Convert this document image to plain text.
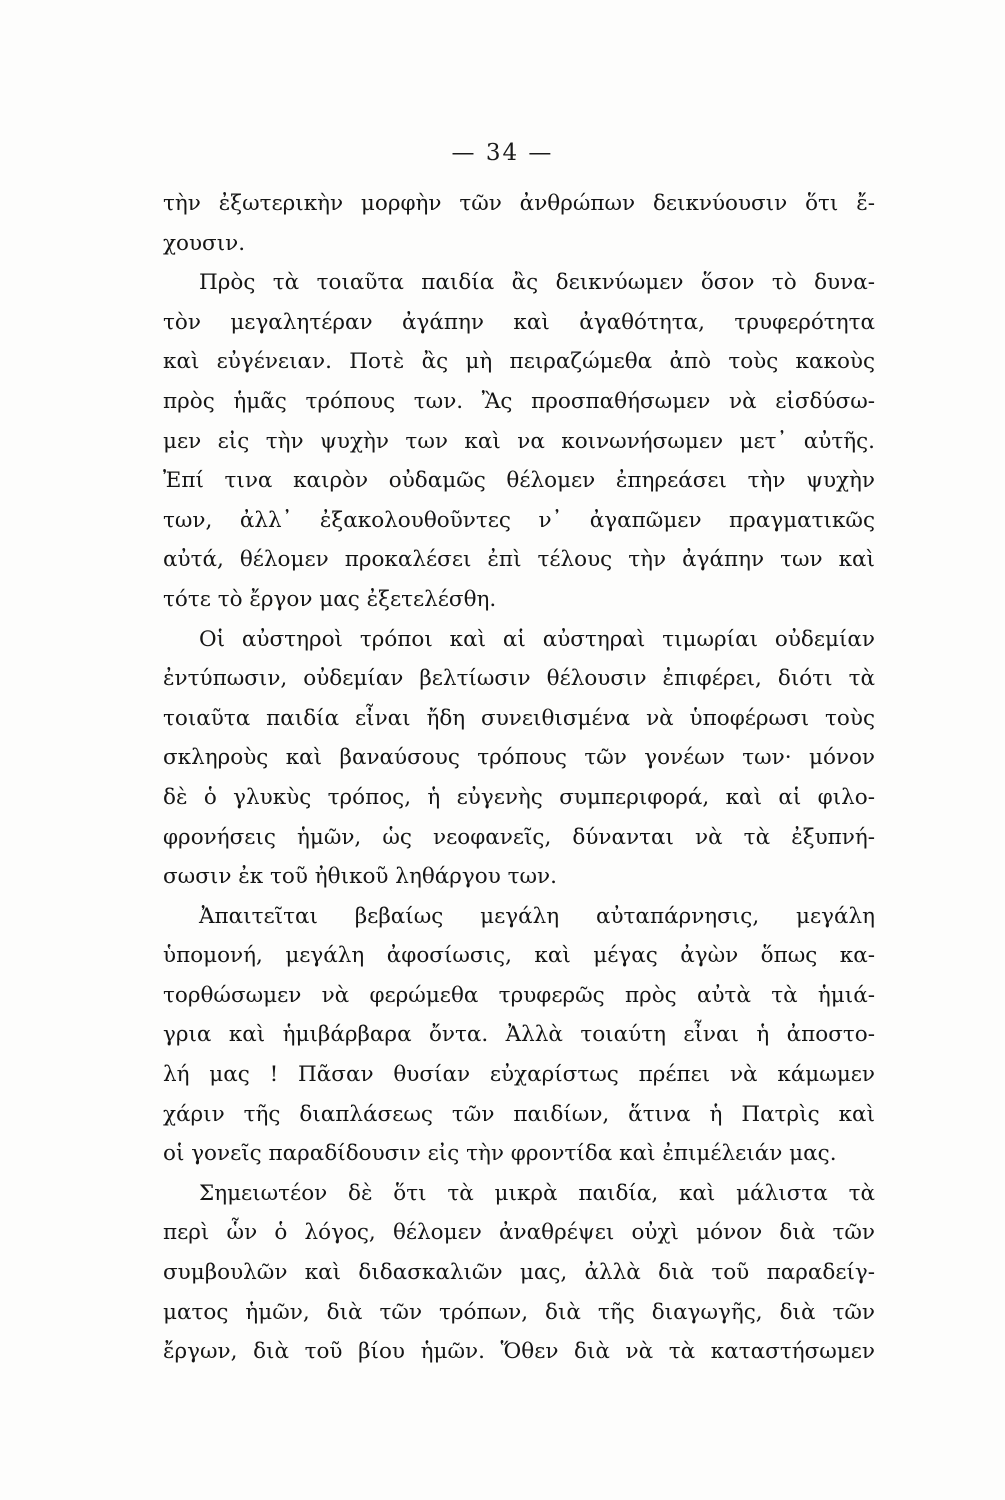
— 34 —
τὴν ἐξωτερικὴν μορφὴν τῶν ἀνθρώπων δεικνύουσιν ὅτι ἔ-
χουσιν.
Πρὸς τὰ τοιαῦτα παιδία ἂς δεικνύωμεν ὅσον τὸ δυνα-
τὸν μεγαλητέραν ἀγάπην καὶ ἀγαθότητα, τρυφερότητα
καὶ εὐγένειαν. Ποτὲ ἂς μὴ πειραζώμεθα ἀπὸ τοὺς κακοὺς
πρὸς ἡμᾶς τρόπους των. Ἂς προσπαθήσωμεν νὰ εἰσδύσω-
μεν εἰς τὴν ψυχὴν των καὶ να κοινωνήσωμεν μετ᾽ αὐτῆς.
Ἐπί τινα καιρὸν οὐδαμῶς θέλομεν ἐπηρεάσει τὴν ψυχὴν
των, ἀλλ᾽ ἐξακολουθοῦντες ν᾽ ἀγαπῶμεν πραγματικῶς
αὐτά, θέλομεν προκαλέσει ἐπὶ τέλους τὴν ἀγάπην των καὶ
τότε τὸ ἔργον μας ἐξετελέσθη.
Οἱ αὐστηροὶ τρόποι καὶ αἱ αὐστηραὶ τιμωρίαι οὐδεμίαν
ἐντύπωσιν, οὐδεμίαν βελτίωσιν θέλουσιν ἐπιφέρει, διότι τὰ
τοιαῦτα παιδία εἶναι ἤδη συνειθισμένα νὰ ὑποφέρωσι τοὺς
σκληροὺς καὶ βαναύσους τρόπους τῶν γονέων των· μόνον
δὲ ὁ γλυκὺς τρόπος, ἡ εὐγενὴς συμπεριφορά, καὶ αἱ φιλο-
φρονήσεις ἡμῶν, ὡς νεοφανεῖς, δύνανται νὰ τὰ ἐξυπνή-
σωσιν ἐκ τοῦ ἠθικοῦ ληθάργου των.
Ἀπαιτεῖται βεβαίως μεγάλη αὐταπάρνησις, μεγάλη
ὑπομονή, μεγάλη ἀφοσίωσις, καὶ μέγας ἀγὼν ὅπως κα-
τορθώσωμεν νὰ φερώμεθα τρυφερῶς πρὸς αὐτὰ τὰ ἡμιά-
γρια καὶ ἡμιβάρβαρα ὄντα. Ἀλλὰ τοιαύτη εἶναι ἡ ἀποστο-
λή μας ! Πᾶσαν θυσίαν εὐχαρίστως πρέπει νὰ κάμωμεν
χάριν τῆς διαπλάσεως τῶν παιδίων, ἅτινα ἡ Πατρὶς καὶ
οἱ γονεῖς παραδίδουσιν εἰς τὴν φροντίδα καὶ ἐπιμέλειάν μας.
Σημειωτέον δὲ ὅτι τὰ μικρὰ παιδία, καὶ μάλιστα τὰ
περὶ ὧν ὁ λόγος, θέλομεν ἀναθρέψει οὐχὶ μόνον διὰ τῶν
συμβουλῶν καὶ διδασκαλιῶν μας, ἀλλὰ διὰ τοῦ παραδείγ-
ματος ἡμῶν, διὰ τῶν τρόπων, διὰ τῆς διαγωγῆς, διὰ τῶν
ἔργων, διὰ τοῦ βίου ἡμῶν. Ὅθεν διὰ νὰ τὰ καταστήσωμεν
